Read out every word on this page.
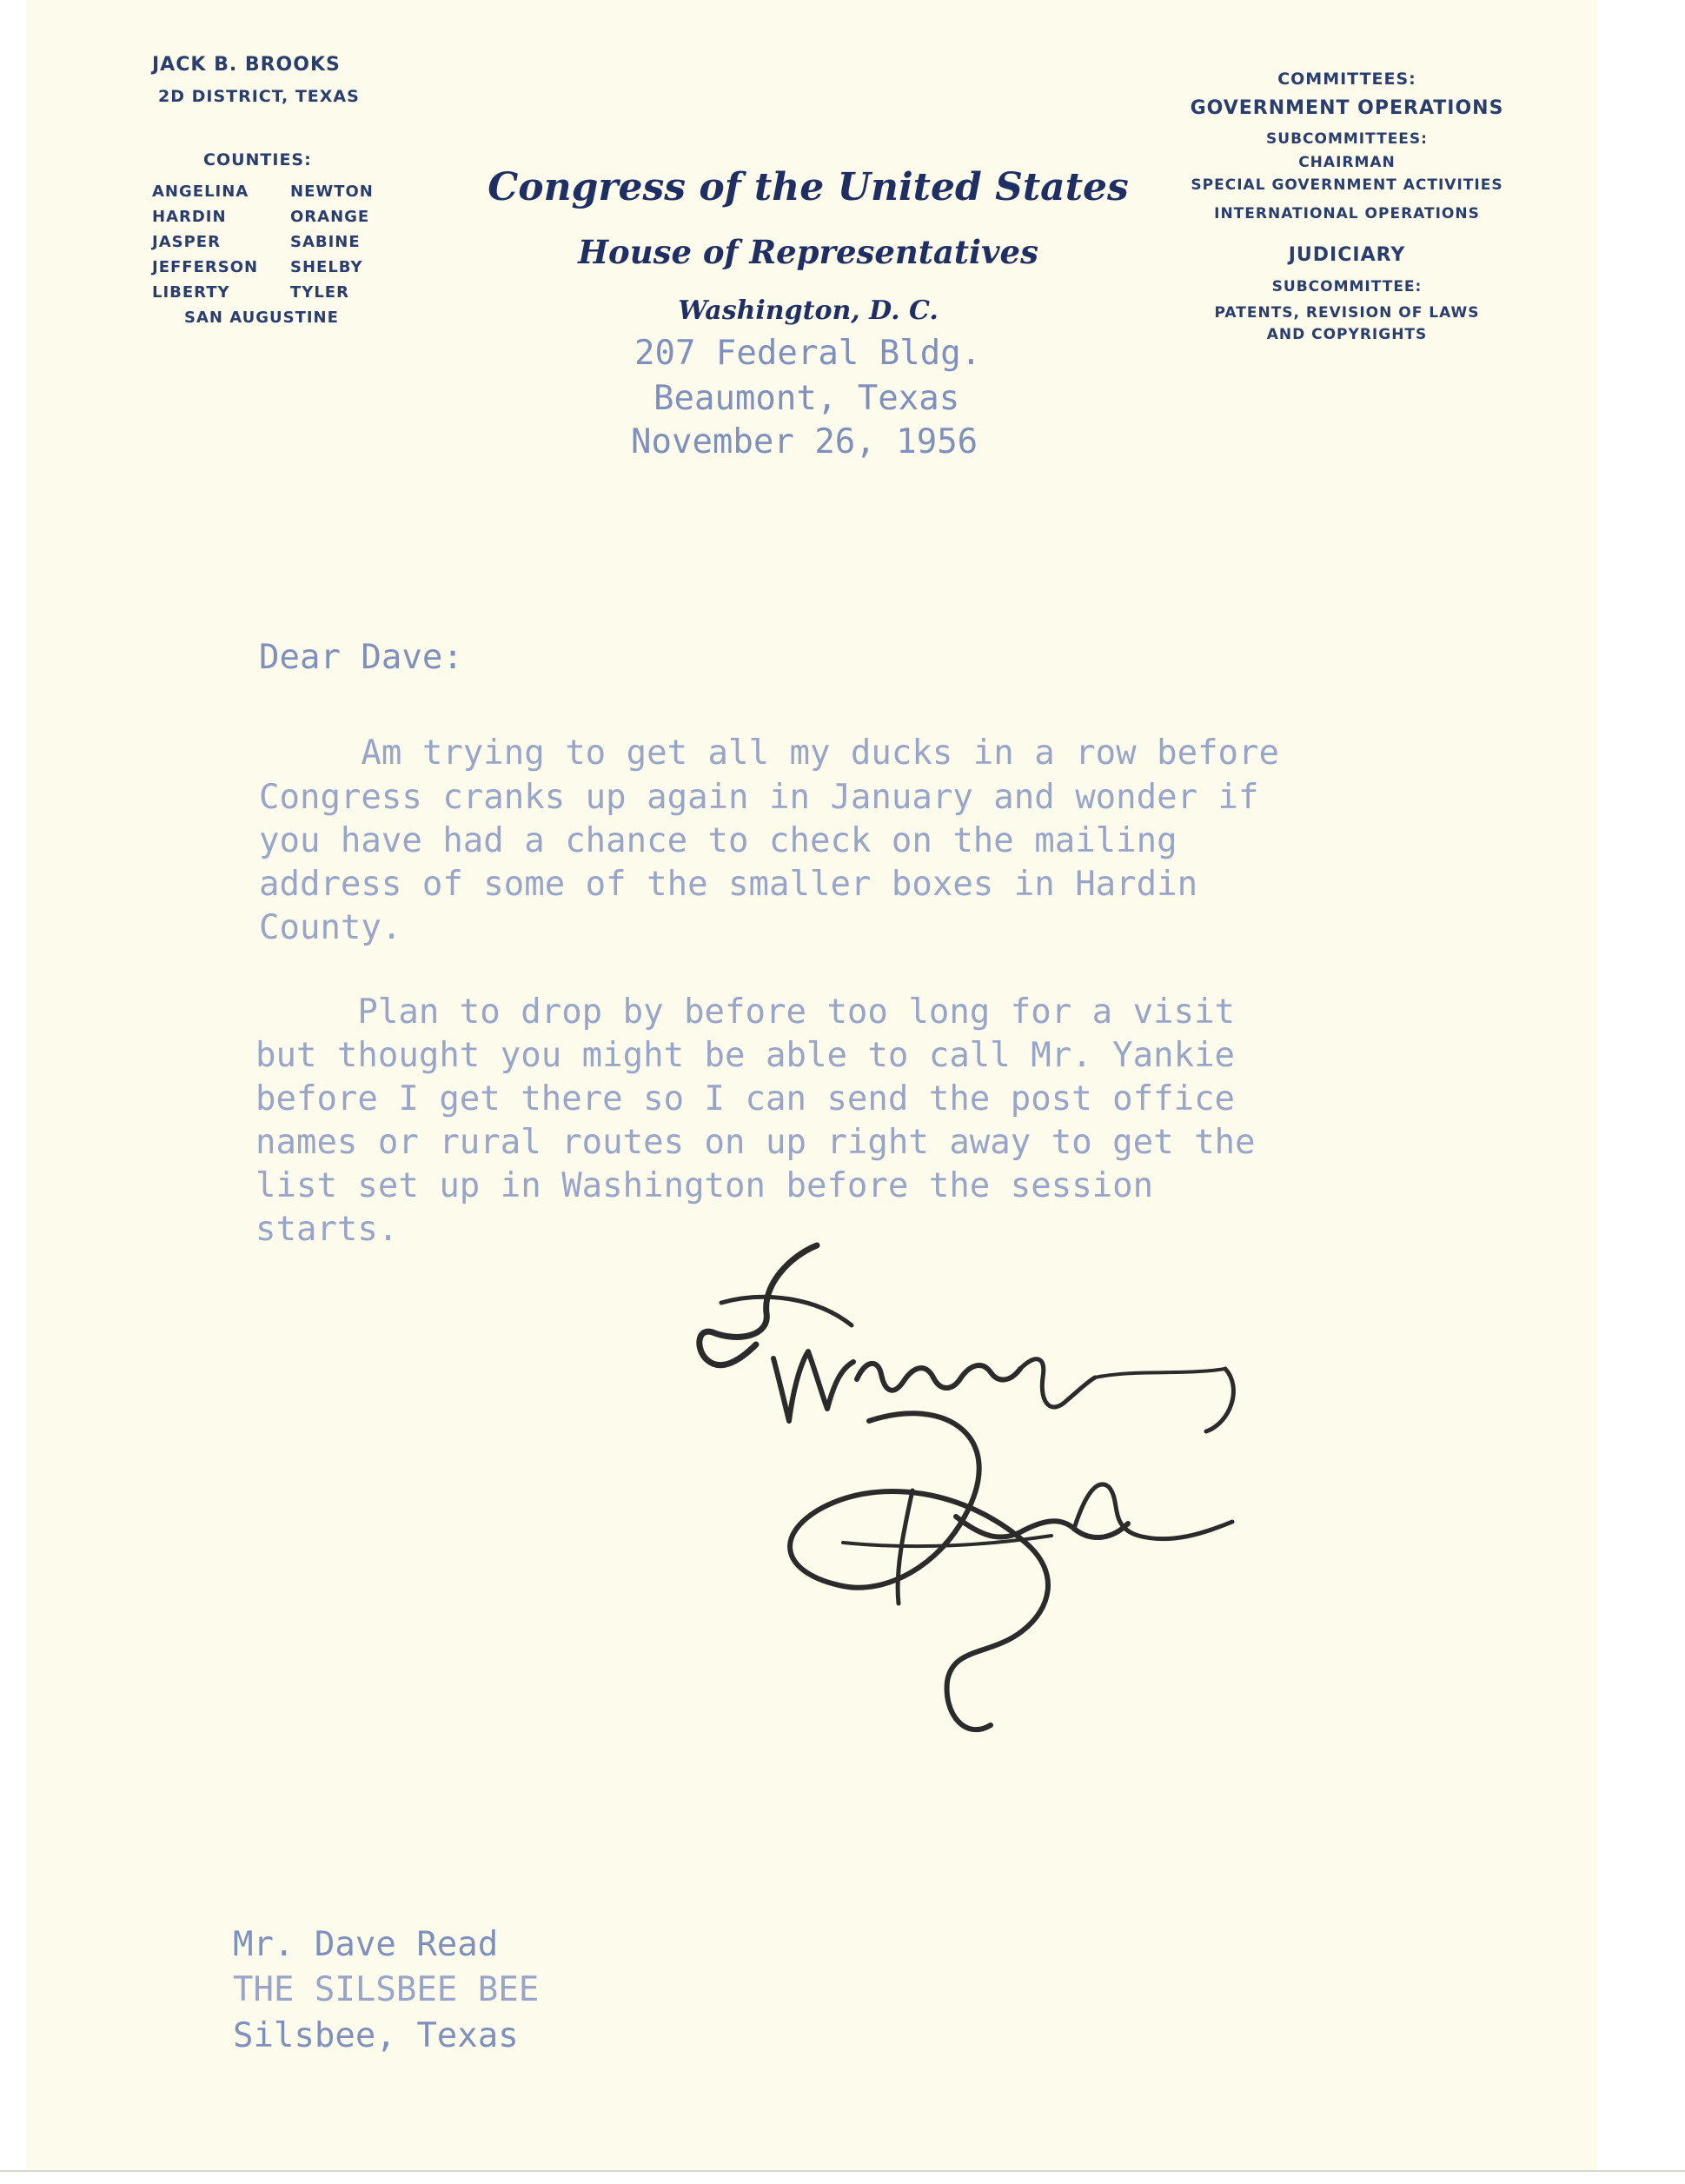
JACK B. BROOKS
2D DISTRICT, TEXAS
COUNTIES:
ANGELINA
HARDIN
JASPER
JEFFERSON
LIBERTY
NEWTON
ORANGE
SABINE
SHELBY
TYLER
SAN AUGUSTINE
Congress of the United States
House of Representatives
Washington, D. C.
COMMITTEES:
GOVERNMENT OPERATIONS
SUBCOMMITTEES:
CHAIRMAN
SPECIAL GOVERNMENT ACTIVITIES
INTERNATIONAL OPERATIONS
JUDICIARY
SUBCOMMITTEE:
PATENTS, REVISION OF LAWS
AND COPYRIGHTS
207 Federal Bldg.
Beaumont, Texas
November 26, 1956
Dear Dave:
Am trying to get all my ducks in a row before
Congress cranks up again in January and wonder if
you have had a chance to check on the mailing
address of some of the smaller boxes in Hardin
County.
Plan to drop by before too long for a visit
but thought you might be able to call Mr. Yankie
before I get there so I can send the post office
names or rural routes on up right away to get the
list set up in Washington before the session
starts.
Mr. Dave Read
THE SILSBEE BEE
Silsbee, Texas
